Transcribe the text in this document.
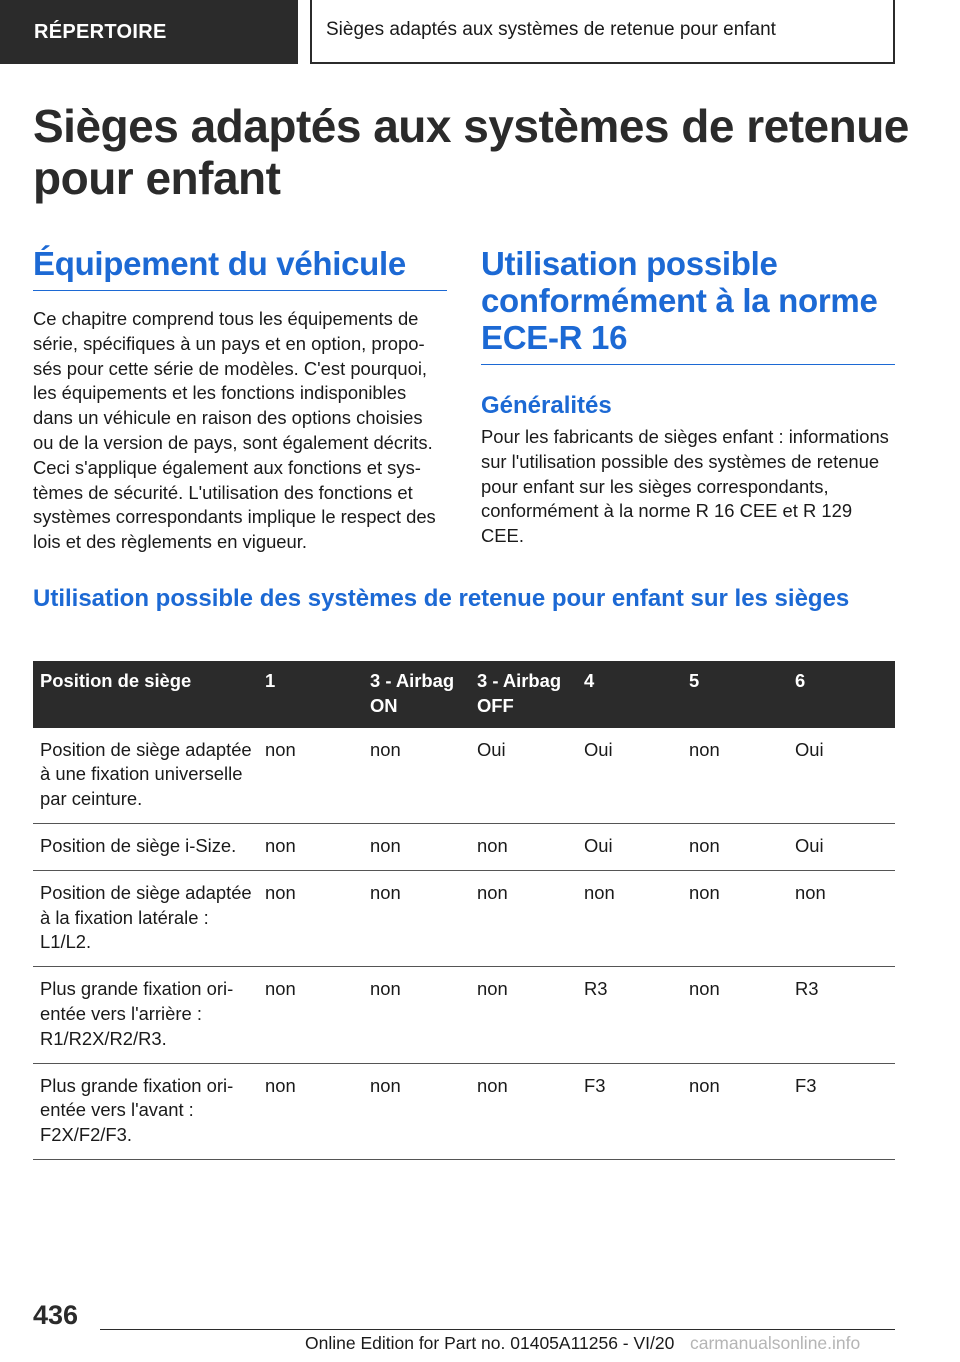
RÉPERTOIRE	Sièges adaptés aux systèmes de retenue pour enfant
Sièges adaptés aux systèmes de retenue pour enfant
Équipement du véhicule

Ce chapitre comprend tous les équipements de série, spécifiques à un pays et en option, proposés pour cette série de modèles. C'est pourquoi, les équipements et les fonctions indisponibles dans un véhicule en raison des options choisies ou de la version de pays, sont également décrits. Ceci s'applique également aux fonctions et systèmes de sécurité. L'utilisation des fonctions et systèmes correspondants implique le respect des lois et des règlements en vigueur.

Utilisation possible conformément à la norme ECE-R 16
Généralités

Pour les fabricants de sièges enfant : informations sur l'utilisation possible des systèmes de retenue pour enfant sur les sièges correspondants, conformément à la norme R 16 CEE et R 129 CEE.

Utilisation possible des systèmes de retenue pour enfant sur les sièges
Position de siège	1	3 - Airbag ON	3 - Airbag OFF	4	5	6
Position de siège adaptée à une fixation universelle par ceinture.	non	non	Oui	Oui	non	Oui
Position de siège i-Size.	non	non	non	Oui	non	Oui
Position de siège adaptée à la fixation latérale : L1/L2.	non	non	non	non	non	non
Plus grande fixation orientée vers l'arrière : R1/R2X/R2/R3.	non	non	non	R3	non	R3
Plus grande fixation orientée vers l'avant : F2X/F2/F3.	non	non	non	F3	non	F3
436
Online Edition for Part no. 01405A11256 - VI/20 carmanualsonline.info
